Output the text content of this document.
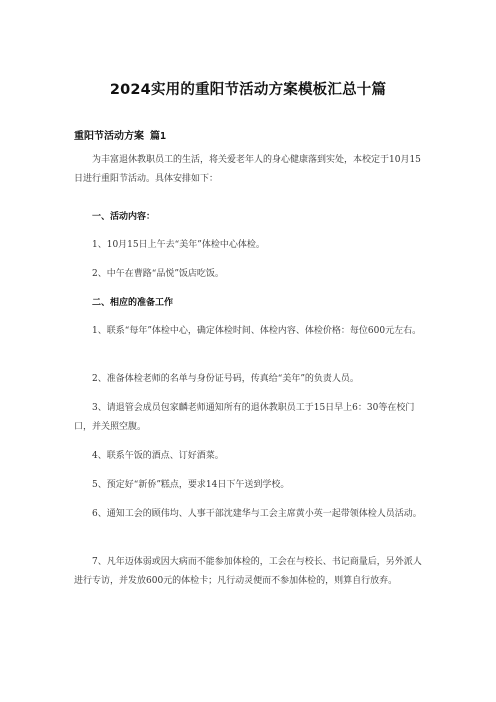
2024实用的重阳节活动方案模板汇总十篇
重阳节活动方案 篇1

为丰富退休教职员工的生活，将关爱老年人的身心健康落到实处，本校定于10月15日进行重阳节活动。具体安排如下：

一、活动内容：

1、10月15日上午去“美年”体检中心体检。

2、中午在曹路“品悦”饭店吃饭。

二、相应的准备工作

1、联系“每年”体检中心，确定体检时间、体检内容、体检价格：每位600元左右。

2、准备体检老师的名单与身份证号码，传真给“美年”的负责人员。

3、请退管会成员包家麟老师通知所有的退休教职员工于15日早上6：30等在校门口，并关照空腹。

4、联系午饭的酒点、订好酒菜。

5、预定好“新侨”糕点，要求14日下午送到学校。

6、通知工会的顾伟均、人事干部沈建华与工会主席黄小英一起带领体检人员活动。

7、凡年迈体弱或因大病而不能参加体检的，工会在与校长、书记商量后，另外派人进行专访，并发放600元的体检卡；凡行动灵便而不参加体检的，则算自行放弃。
